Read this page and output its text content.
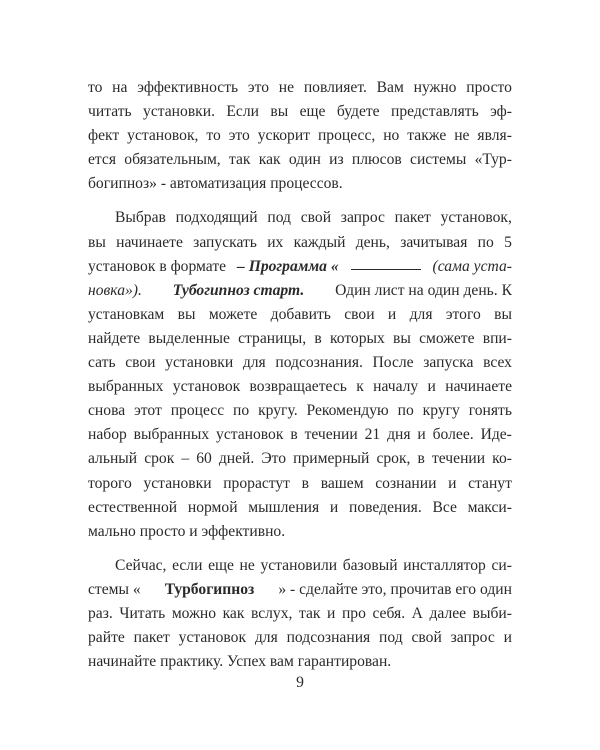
то на эффективность это не повлияет. Вам нужно просто
читать установки. Если вы еще будете представлять эф-
фект установок, то это ускорит процесс, но также не явля-
ется обязательным, так как один из плюсов системы «Тур-
богипноз» - автоматизация процессов.
Выбрав подходящий под свой запрос пакет установок,
вы начинаете запускать их каждый день, зачитывая по 5
установок в формате – Программа «	(сама уста-
новка»). Тубогипноз старт. Один лист на один день. К
установкам вы можете добавить свои и для этого вы
найдете выделенные страницы, в которых вы сможете впи-
сать свои установки для подсознания. После запуска всех
выбранных установок возвращаетесь к началу и начинаете
снова этот процесс по кругу. Рекомендую по кругу гонять
набор выбранных установок в течении 21 дня и более. Иде-
альный срок – 60 дней. Это примерный срок, в течении ко-
торого установки прорастут в вашем сознании и станут
естественной нормой мышления и поведения. Все макси-
мально просто и эффективно.
Сейчас, если еще не установили базовый инсталлятор си-
стемы « Турбогипноз » - сделайте это, прочитав его один
раз. Читать можно как вслух, так и про себя. А далее выби-
райте пакет установок для подсознания под свой запрос и
начинайте практику. Успех вам гарантирован.
9
